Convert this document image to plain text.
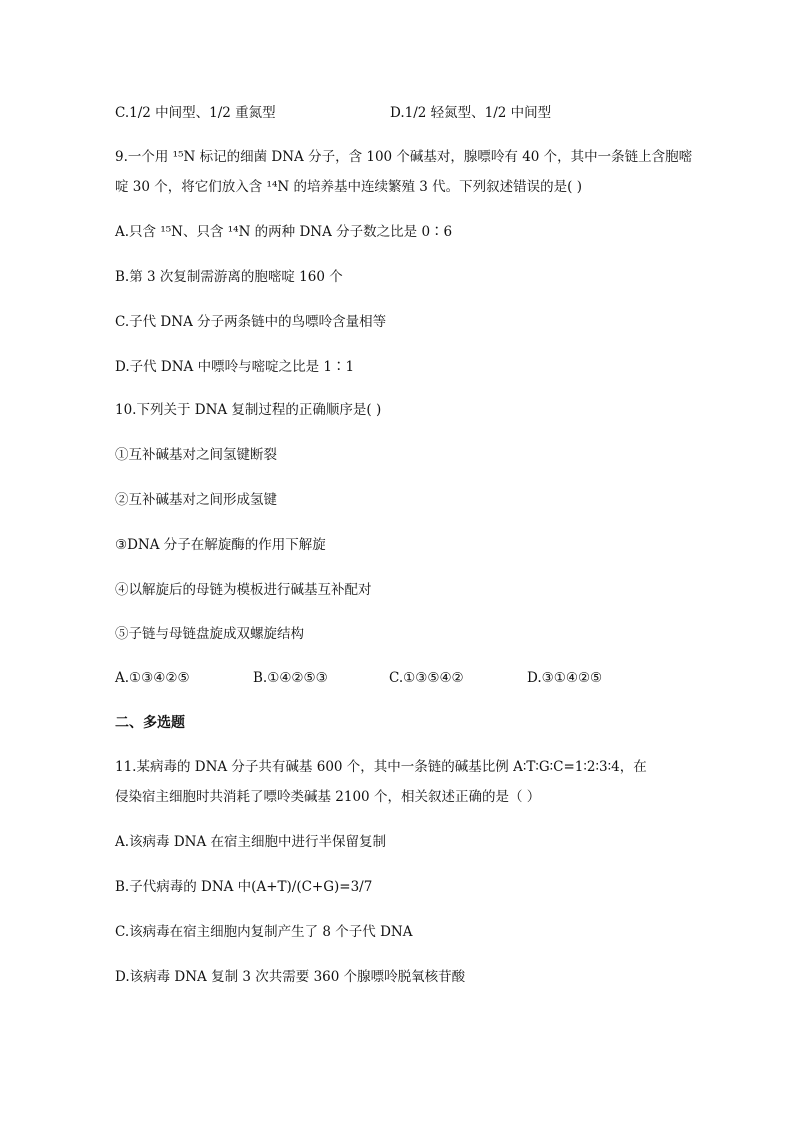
C.1/2 中间型、1/2 重氮型	D.1/2 轻氮型、1/2 中间型
9.一个用 ¹⁵N 标记的细菌 DNA 分子，含 100 个碱基对，腺嘌呤有 40 个，其中一条链上含胞嘧
啶 30 个，将它们放入含 ¹⁴N 的培养基中连续繁殖 3 代。下列叙述错误的是( )
A.只含 ¹⁵N、只含 ¹⁴N 的两种 DNA 分子数之比是 0∶6
B.第 3 次复制需游离的胞嘧啶 160 个
C.子代 DNA 分子两条链中的鸟嘌呤含量相等
D.子代 DNA 中嘌呤与嘧啶之比是 1∶1
10.下列关于 DNA 复制过程的正确顺序是( )
①互补碱基对之间氢键断裂
②互补碱基对之间形成氢键
③DNA 分子在解旋酶的作用下解旋
④以解旋后的母链为模板进行碱基互补配对
⑤子链与母链盘旋成双螺旋结构
A.①③④②⑤	B.①④②⑤③	C.①③⑤④②	D.③①④②⑤
二、多选题
11.某病毒的 DNA 分子共有碱基 600 个，其中一条链的碱基比例 A∶T∶G∶C=1∶2∶3∶4，在
侵染宿主细胞时共消耗了嘌呤类碱基 2100 个，相关叙述正确的是（ ）
A.该病毒 DNA 在宿主细胞中进行半保留复制
B.子代病毒的 DNA 中(A+T)/(C+G)=3/7
C.该病毒在宿主细胞内复制产生了 8 个子代 DNA
D.该病毒 DNA 复制 3 次共需要 360 个腺嘌呤脱氧核苷酸
